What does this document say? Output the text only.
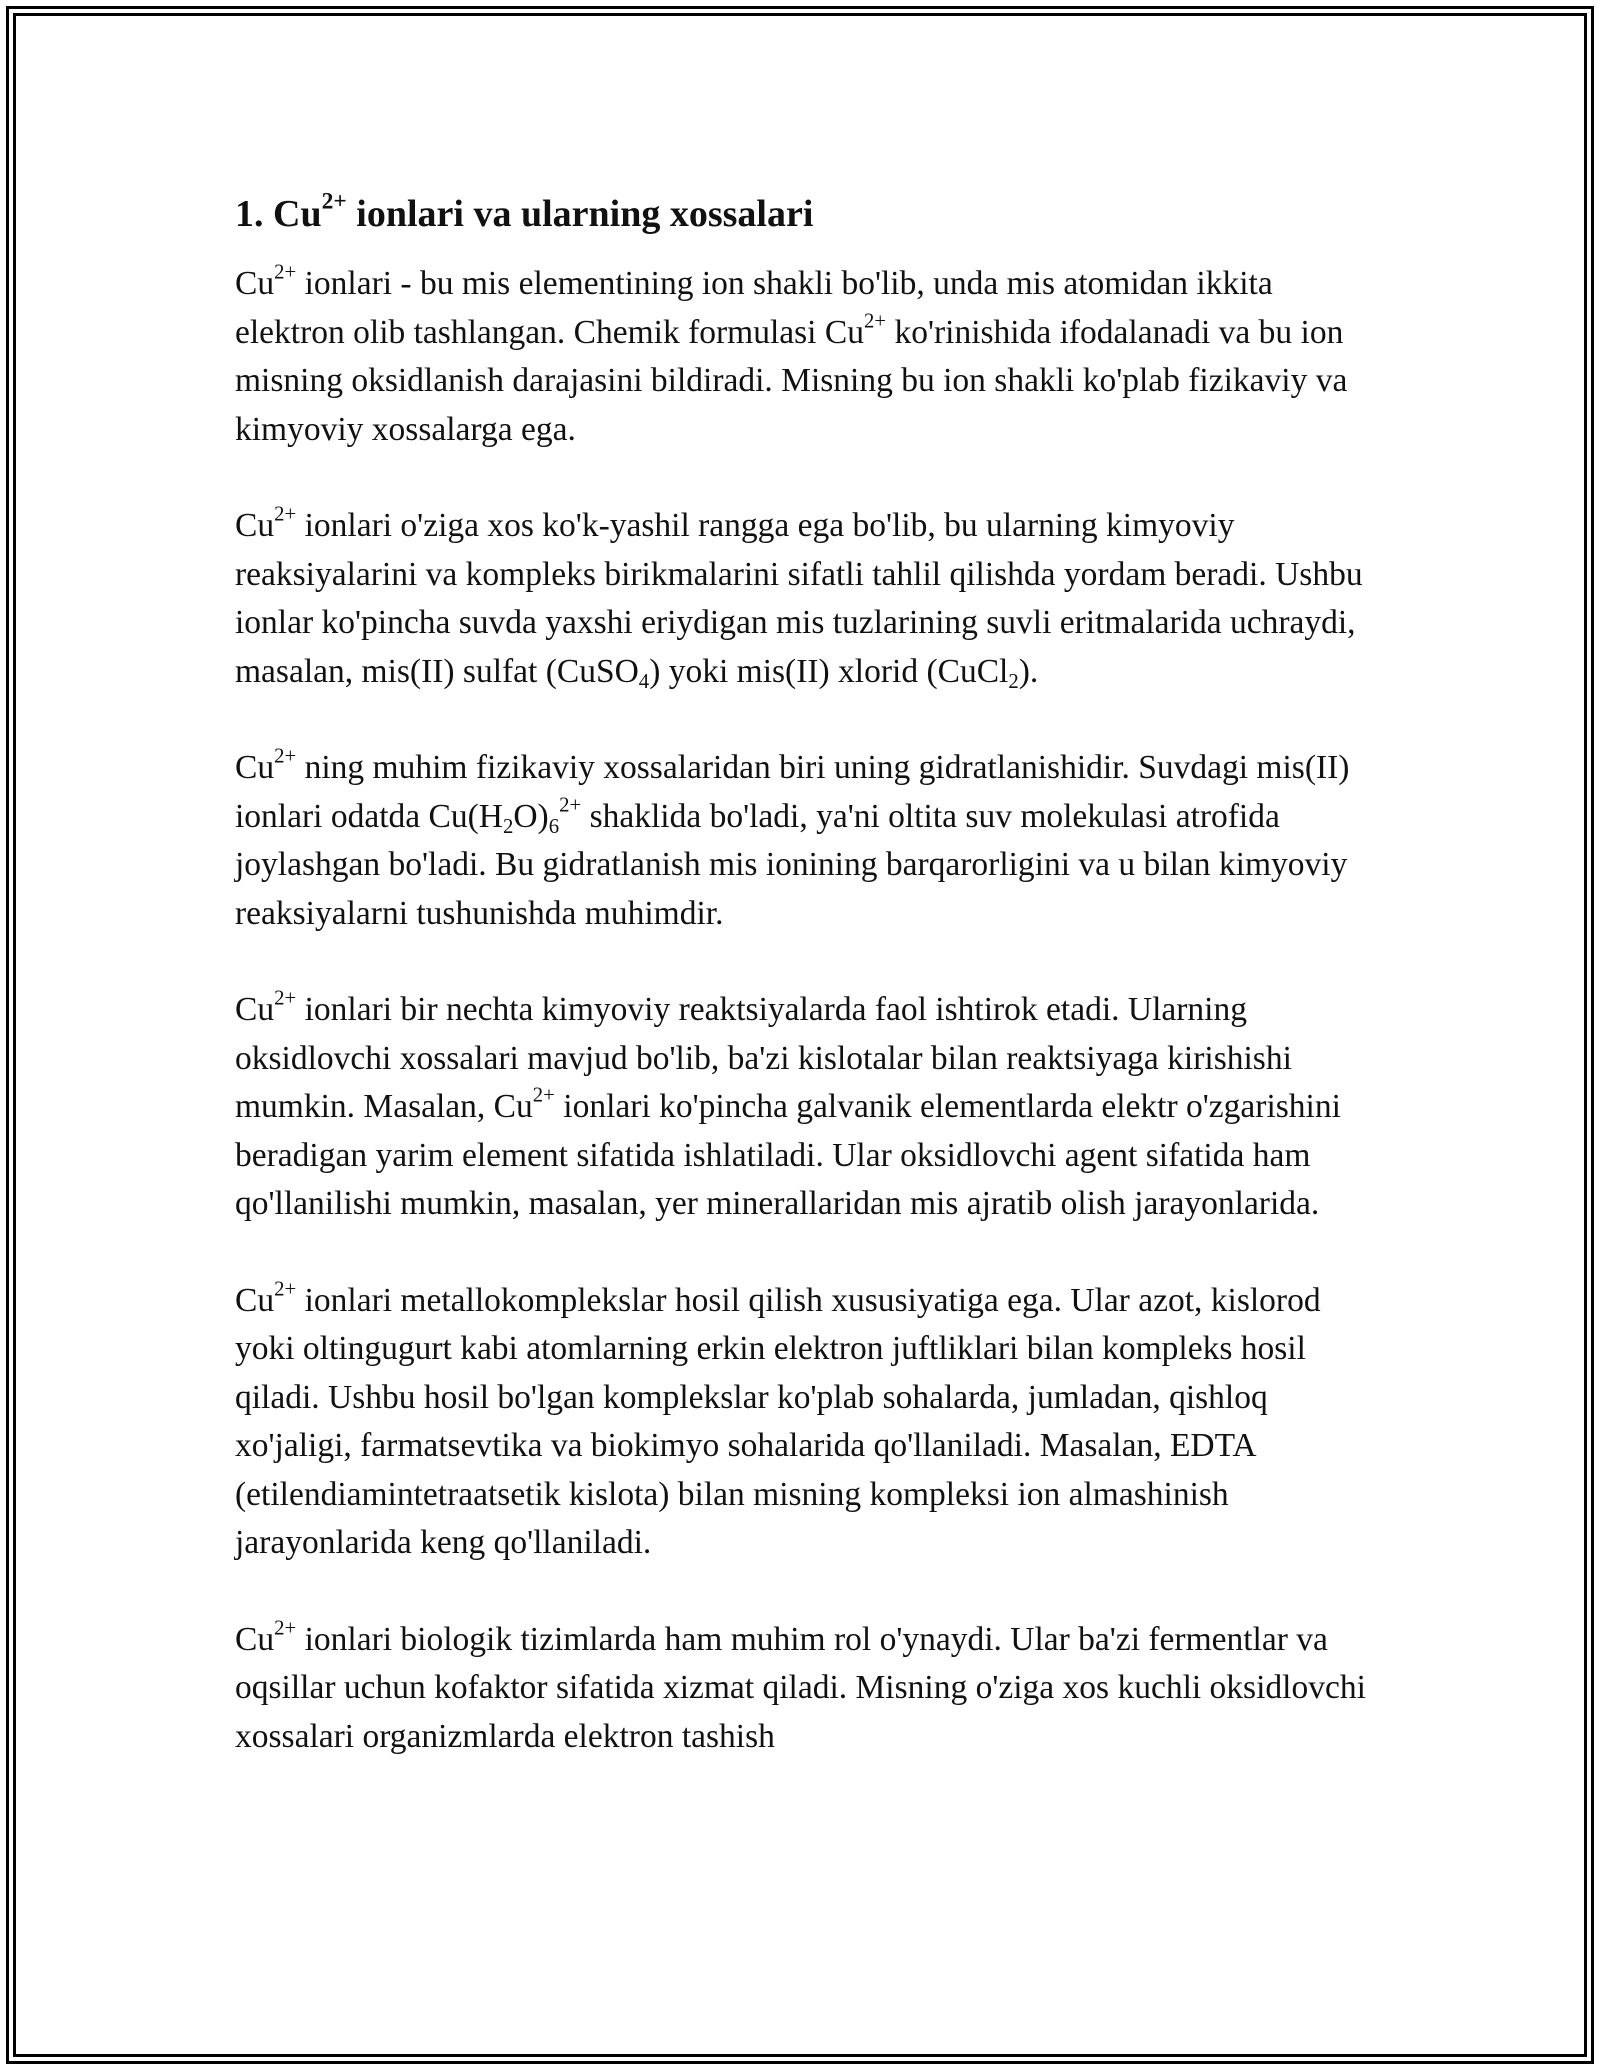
1. $Cu^{2+}$ ionlari va ularning xossalari

$Cu^{2+}$ ionlari - bu mis elementining ion shakli bo'lib, unda mis atomidan ikkita elektron olib tashlangan. Chemik formulasi $Cu^{2+}$ ko'rinishida ifodalanadi va bu ion misning oksidlanish darajasini bildiradi. Misning bu ion shakli ko'plab fizikaviy va kimyoviy xossalarga ega.

$Cu^{2+}$ ionlari o'ziga xos ko'k-yashil rangga ega bo'lib, bu ularning kimyoviy reaksiyalarini va kompleks birikmalarini sifatli tahlil qilishda yordam beradi. Ushbu ionlar ko'pincha suvda yaxshi eriydigan mis tuzlarining suvli eritmalarida uchraydi, masalan, mis(II) sulfat (CuSO$_4$) yoki mis(II) xlorid (CuCl$_2$).

$Cu^{2+}$ ning muhim fizikaviy xossalaridan biri uning gidratlanishidir. Suvdagi mis(II) ionlari odatda $Cu(H_2O)_6^{2+}$ shaklida bo'ladi, ya'ni oltita suv molekulasi atrofida joylashgan bo'ladi. Bu gidratlanish mis ionining barqarorligini va u bilan kimyoviy reaksiyalarni tushunishda muhimdir.

$Cu^{2+}$ ionlari bir nechta kimyoviy reaktsiyalarda faol ishtirok etadi. Ularning oksidlovchi xossalari mavjud bo'lib, ba'zi kislotalar bilan reaktsiyaga kirishishi mumkin. Masalan, $Cu^{2+}$ ionlari ko'pincha galvanik elementlarda elektr o'zgarishini beradigan yarim element sifatida ishlatiladi. Ular oksidlovchi agent sifatida ham qo'llanilishi mumkin, masalan, yer minerallaridan mis ajratib olish jarayonlarida.

$Cu^{2+}$ ionlari metallokomplekslar hosil qilish xususiyatiga ega. Ular azot, kislorod yoki oltingugurt kabi atomlarning erkin elektron juftliklari bilan kompleks hosil qiladi. Ushbu hosil bo'lgan komplekslar ko'plab sohalarda, jumladan, qishloq xo'jaligi, farmatsevtika va biokimyo sohalarida qo'llaniladi. Masalan, EDTA (etilendiamintetraatsetik kislota) bilan misning kompleksi ion almashinish jarayonlarida keng qo'llaniladi.

$Cu^{2+}$ ionlari biologik tizimlarda ham muhim rol o'ynaydi. Ular ba'zi fermentlar va oqsillar uchun kofaktor sifatida xizmat qiladi. Misning o'ziga xos kuchli oksidlovchi xossalari organizmlarda elektron tashish
